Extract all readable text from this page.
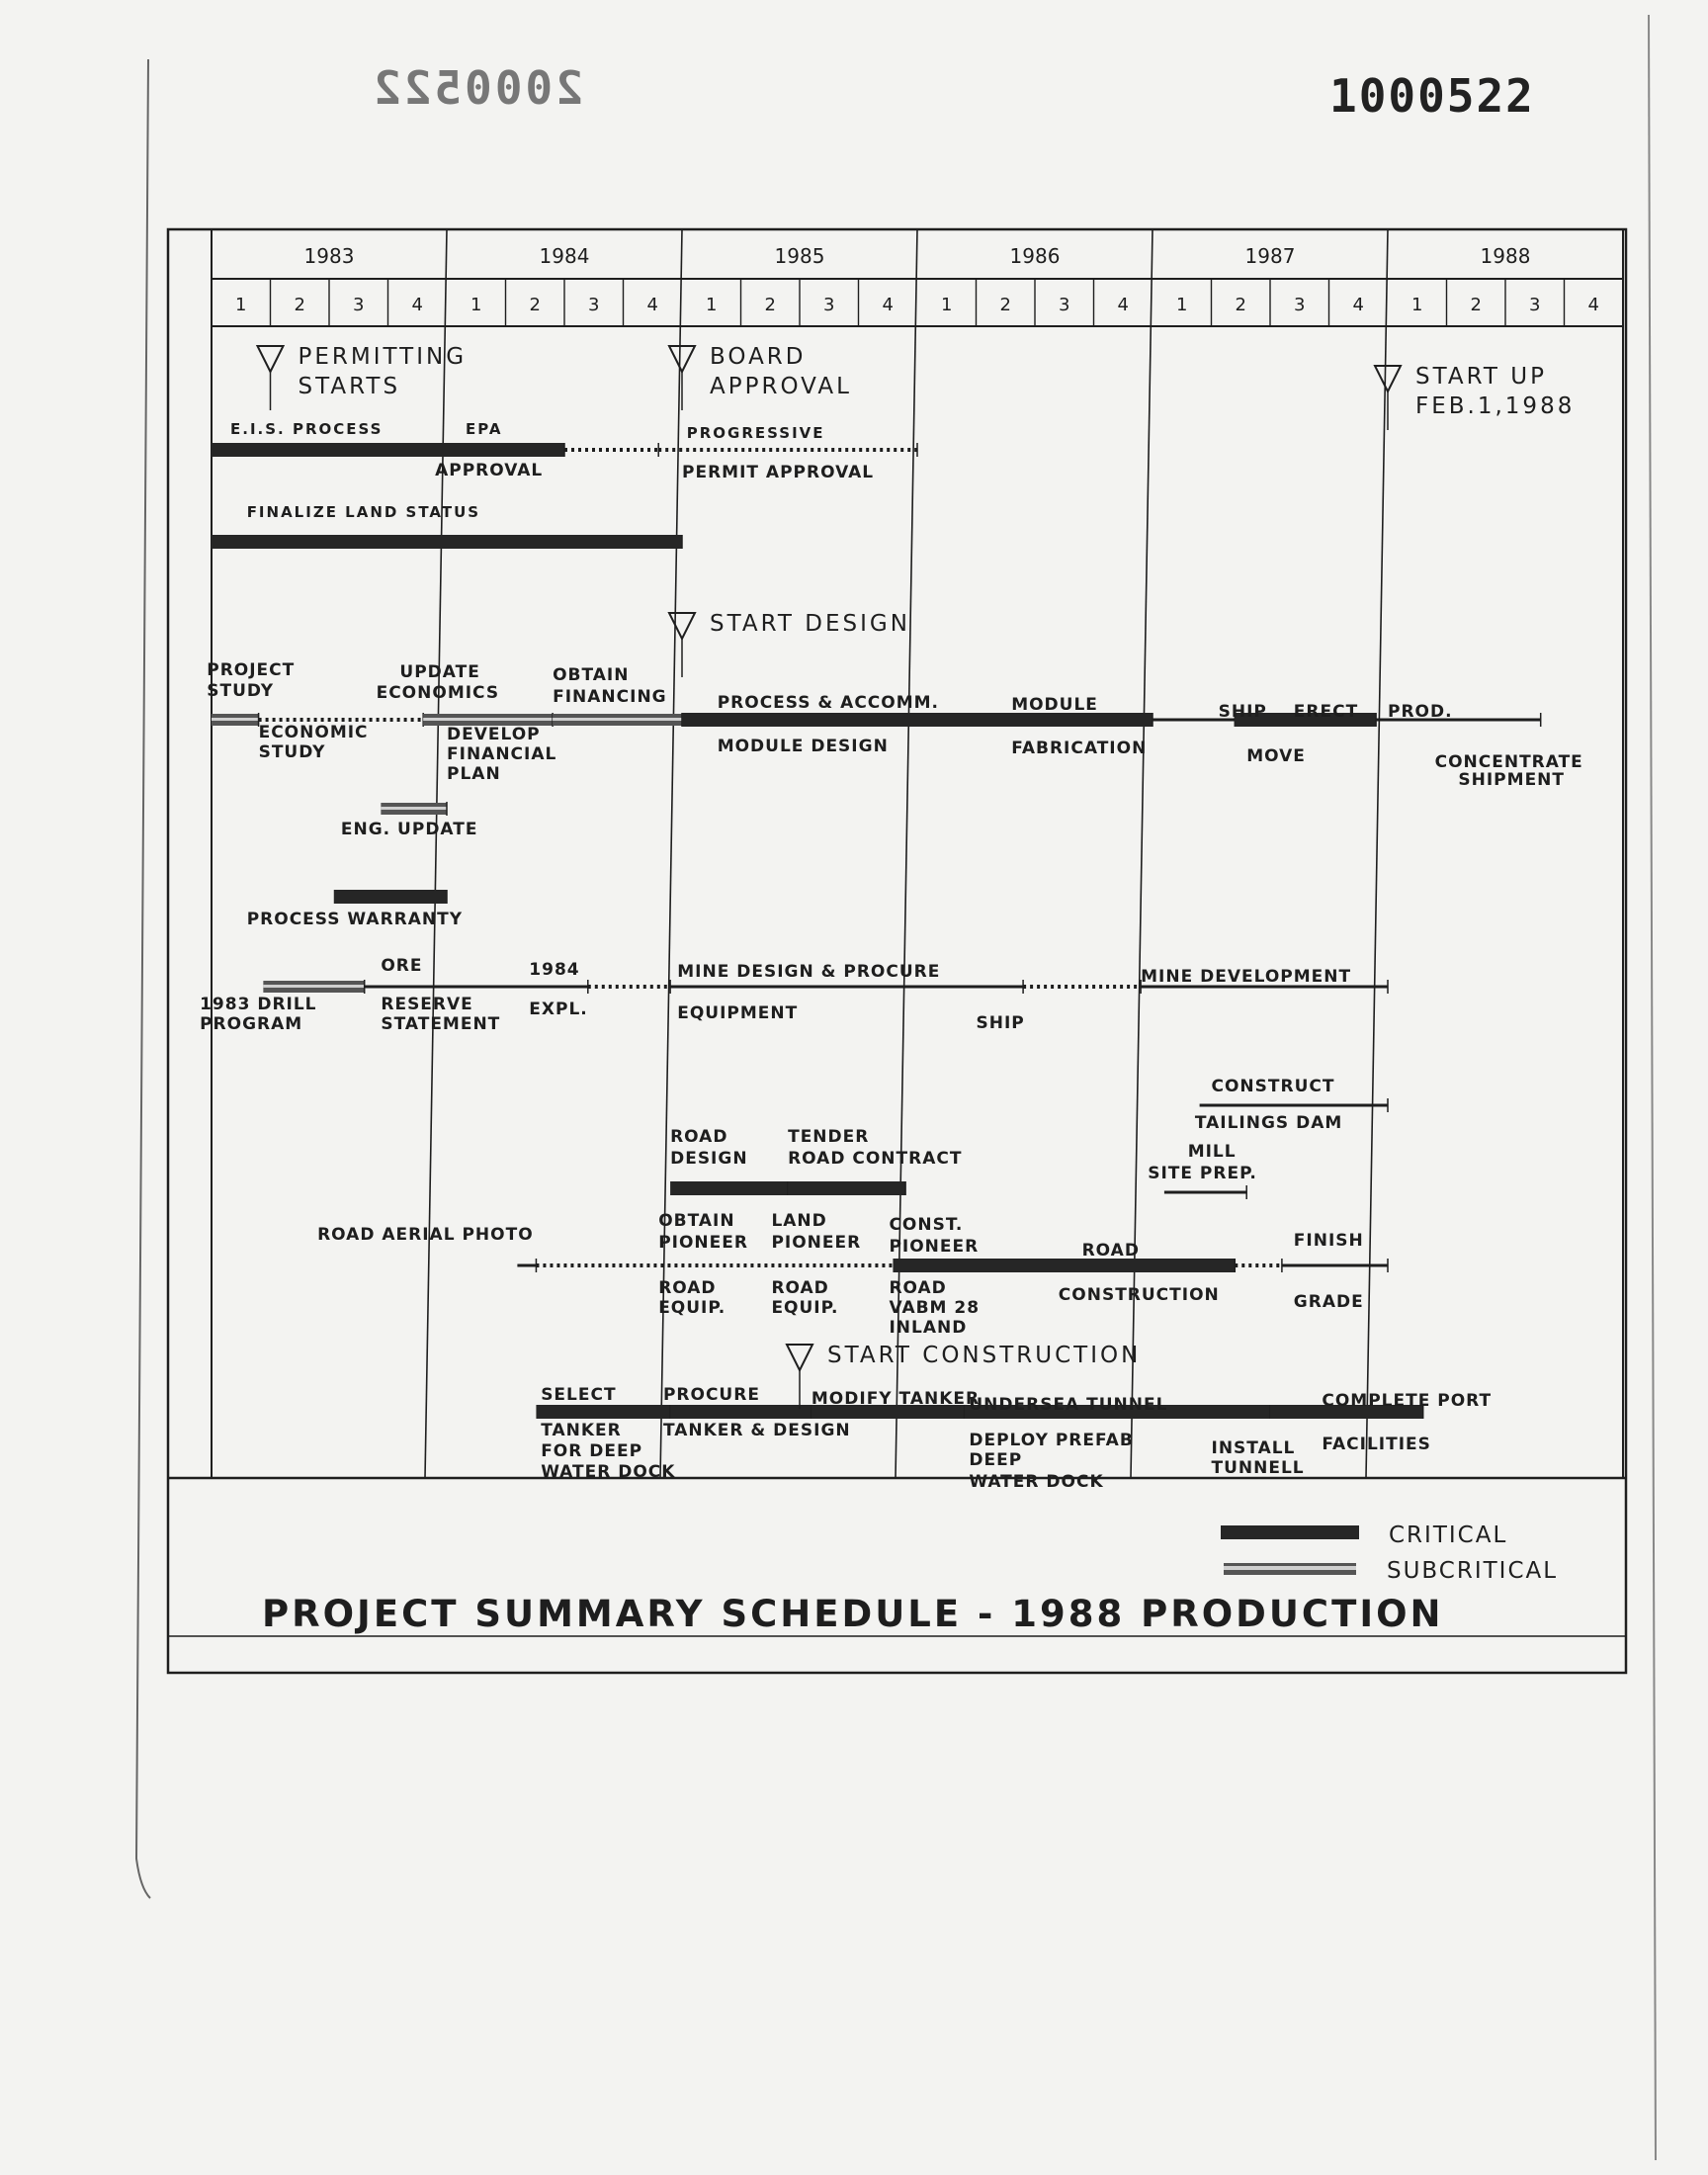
2000522	1000522
1983
1	2	3	4
1984
1	2	3	4
1985
1	2	3	4
1986
1	2	3	4
1987
1	2	3	4
1988
1	2	3	4
E.I.S. PROCESS	EPA
APPROVAL
PROGRESSIVE
PERMIT APPROVAL
FINALIZE LAND STATUS
PROJECT
STUDY
ECONOMIC
STUDY
UPDATE
ECONOMICS
DEVELOP
FINANCIAL
PLAN
OBTAIN
FINANCING	PROCESS & ACCOMM.
MODULE DESIGN
MODULE
FABRICATION
SHIP ERECT
MOVE
PROD.
CONCENTRATE
SHIPMENT
ENG. UPDATE
PROCESS WARRANTY
1983 DRILL
PROGRAM
ORE
RESERVE
STATEMENT
1984
EXPL.
MINE DESIGN & PROCURE
EQUIPMENT	SHIP
MINE DEVELOPMENT
CONSTRUCT
TAILINGS DAM
ROAD
DESIGN
TENDER
ROAD CONTRACT	MILL
SITE PREP.
ROAD AERIAL PHOTO
OBTAIN
PIONEER
ROAD
EQUIP.
LAND
PIONEER
ROAD
EQUIP.
CONST.
PIONEER
ROAD
VABM 28
INLAND
ROAD
CONSTRUCTION
FINISH
GRADE
SELECT
TANKER
FOR DEEP
WATER DOCK
PROCURE
TANKER & DESIGN
MODIFY TANKER
UNDERSEA TUNNEL
DEPLOY PREFAB
DEEP
WATER DOCK
INSTALL
TUNNELL
COMPLETE PORT
FACILITIES
PERMITTING
STARTS
BOARD
APPROVAL	START UP
FEB.1,1988
START DESIGN
START CONSTRUCTION
CRITICAL
SUBCRITICAL
PROJECT SUMMARY SCHEDULE - 1988 PRODUCTION
